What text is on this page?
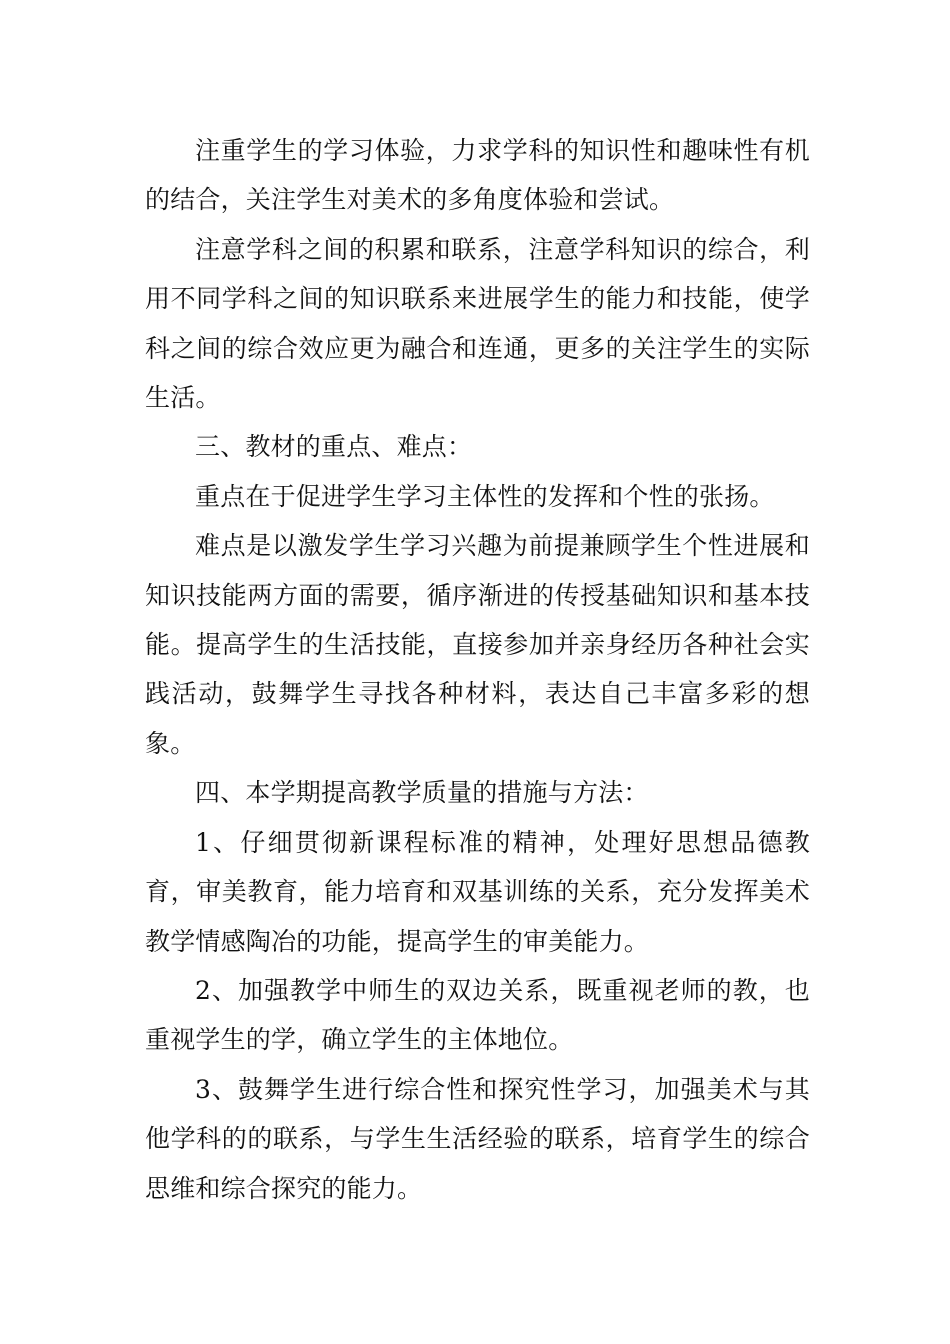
注重学生的学习体验，力求学科的知识性和趣味性有机的结合，关注学生对美术的多角度体验和尝试。

注意学科之间的积累和联系，注意学科知识的综合，利用不同学科之间的知识联系来进展学生的能力和技能，使学科之间的综合效应更为融合和连通，更多的关注学生的实际生活。

三、教材的重点、难点：

重点在于促进学生学习主体性的发挥和个性的张扬。

难点是以激发学生学习兴趣为前提兼顾学生个性进展和知识技能两方面的需要，循序渐进的传授基础知识和基本技能。提高学生的生活技能，直接参加并亲身经历各种社会实践活动，鼓舞学生寻找各种材料，表达自己丰富多彩的想象。

四、本学期提高教学质量的措施与方法：

1、仔细贯彻新课程标准的精神，处理好思想品德教育，审美教育，能力培育和双基训练的关系，充分发挥美术教学情感陶冶的功能，提高学生的审美能力。

2、加强教学中师生的双边关系，既重视老师的教，也重视学生的学，确立学生的主体地位。

3、鼓舞学生进行综合性和探究性学习，加强美术与其他学科的的联系，与学生生活经验的联系，培育学生的综合思维和综合探究的能力。
